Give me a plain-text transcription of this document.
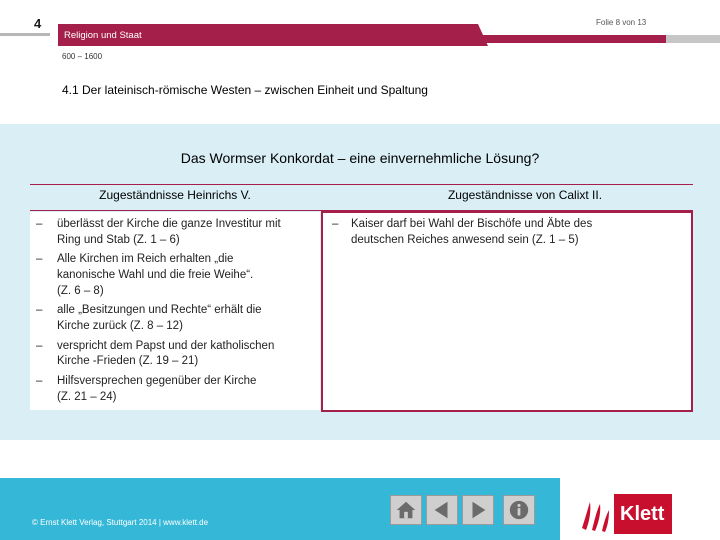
4
Religion und Staat
Folie 8 von 13
600 – 1600
4.1 Der lateinisch-römische Westen – zwischen Einheit und Spaltung
Das Wormser Konkordat – eine einvernehmliche Lösung?
Zugeständnisse Heinrichs V.	Zugeständnisse von Calixt II.
– überlässt der Kirche die ganze Investitur mit
Ring und Stab (Z. 1 – 6)
– Alle Kirchen im Reich erhalten „die
kanonische Wahl und die freie Weihe“.
(Z. 6 – 8)
– alle „Besitzungen und Rechte“ erhält die
Kirche zurück (Z. 8 – 12)
– verspricht dem Papst und der katholischen
Kirche -Frieden (Z. 19 – 21)
– Hilfsversprechen gegenüber der Kirche
(Z. 21 – 24)
– Kaiser darf bei Wahl der Bischöfe und Äbte des
deutschen Reiches anwesend sein (Z. 1 – 5)
© Ernst Klett Verlag, Stuttgart 2014 | www.klett.de	Klett
